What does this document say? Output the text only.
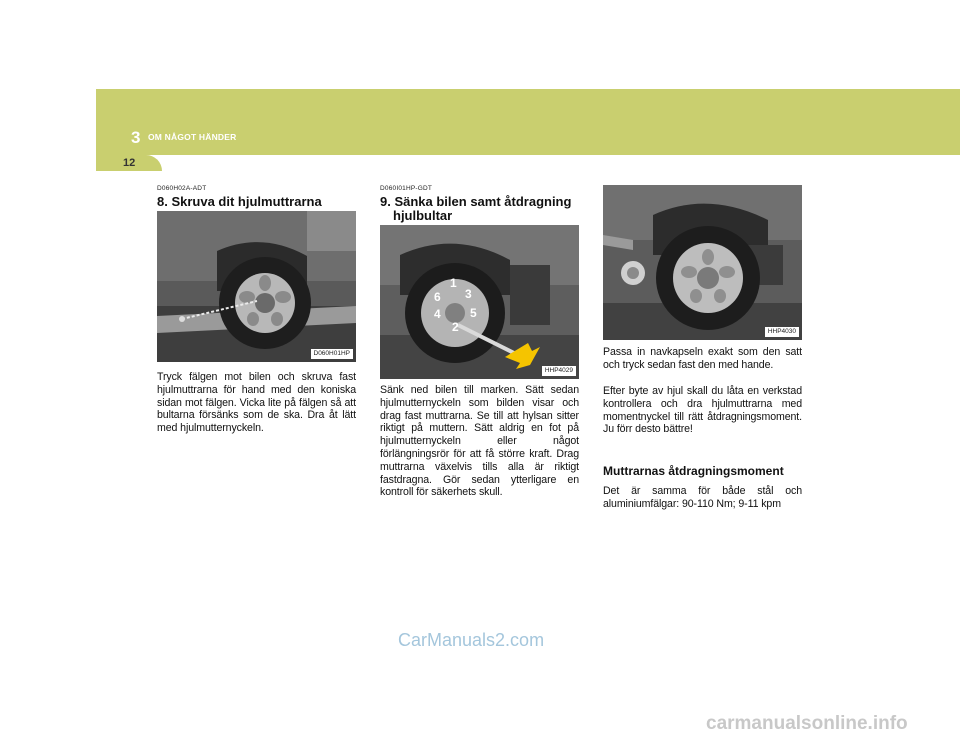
3 OM NÅGOT HÄNDER
12
D060H02A-ADT
8. Skruva dit hjulmuttrarna
D060H01HP

Tryck fälgen mot bilen och skruva fast hjulmuttrarna för hand med den koniska sidan mot fälgen. Vicka lite på fälgen så att bultarna försänks som de ska. Dra åt lätt med hjulmutternyckeln.

D060I01HP-GDT
9. Sänka bilen samt åtdragning
hjulbultar
1
3
5
2
4
6
HHP4029

Sänk ned bilen till marken. Sätt sedan hjulmutternyckeln som bilden visar och drag fast muttrarna. Se till att hylsan sitter riktigt på muttern. Sätt aldrig en fot på hjulmutternyckeln eller något förlängningsrör för att få större kraft. Drag muttrarna växelvis tills alla är riktigt fastdragna. Gör sedan ytterligare en kontroll för säkerhets skull.

HHP4030

Passa in navkapseln exakt som den satt och tryck sedan fast den med hande.

Efter byte av hjul skall du låta en verkstad kontrollera och dra hjulmuttrarna med momentnyckel till rätt åtdragningsmoment. Ju förr desto bättre!

Muttrarnas åtdragningsmoment

Det är samma för både stål och aluminiumfälgar: 90-110 Nm; 9-11 kpm

CarManuals2.com
carmanualsonline.info
